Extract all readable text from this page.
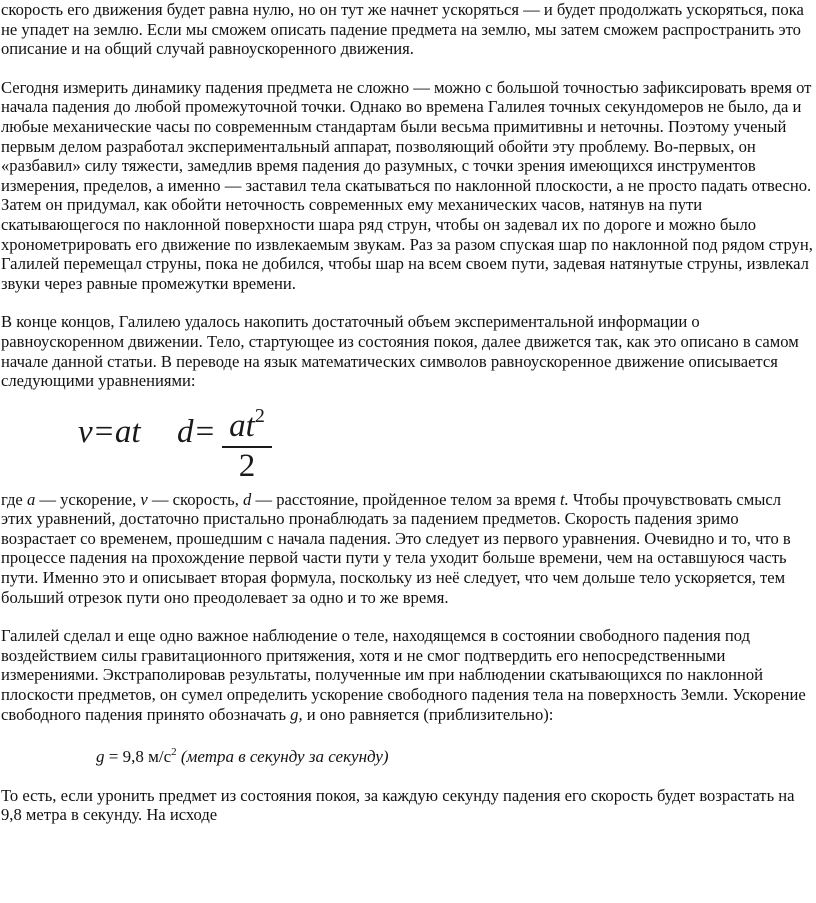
скорость его движения будет равна нулю, но он тут же начнет ускоряться — и будет продолжать ускоряться, пока не упадет на землю. Если мы сможем описать падение предмета на землю, мы затем сможем распространить это описание и на общий случай равноускоренного движения.

Сегодня измерить динамику падения предмета не сложно — можно с большой точностью зафиксировать время от начала падения до любой промежуточной точки. Однако во времена Галилея точных секундомеров не было, да и любые механические часы по современным стандартам были весьма примитивны и неточны. Поэтому ученый первым делом разработал экспериментальный аппарат, позволяющий обойти эту проблему. Во-первых, он «разбавил» силу тяжести, замедлив время падения до разумных, с точки зрения имеющихся инструментов измерения, пределов, а именно — заставил тела скатываться по наклонной плоскости, а не просто падать отвесно. Затем он придумал, как обойти неточность современных ему механических часов, натянув на пути скатывающегося по наклонной поверхности шара ряд струн, чтобы он задевал их по дороге и можно было хронометрировать его движение по извлекаемым звукам. Раз за разом спуская шар по наклонной под рядом струн, Галилей перемещал струны, пока не добился, чтобы шар на всем своем пути, задевая натянутые струны, извлекал звуки через равные промежутки времени.

В конце концов, Галилею удалось накопить достаточный объем экспериментальной информации о равноускоренном движении. Тело, стартующее из состояния покоя, далее движется так, как это описано в самом начале данной статьи. В переводе на язык математических символов равноускоренное движение описывается следующими уравнениями:

v=at $d= at^2$
2

где a — ускорение, v — скорость, d — расстояние, пройденное телом за время t. Чтобы прочувствовать смысл этих уравнений, достаточно пристально пронаблюдать за падением предметов. Скорость падения зримо возрастает со временем, прошедшим с начала падения. Это следует из первого уравнения. Очевидно и то, что в процессе падения на прохождение первой части пути у тела уходит больше времени, чем на оставшуюся часть пути. Именно это и описывает вторая формула, поскольку из неё следует, что чем дольше тело ускоряется, тем больший отрезок пути оно преодолевает за одно и то же время.

Галилей сделал и еще одно важное наблюдение о теле, находящемся в состоянии свободного падения под воздействием силы гравитационного притяжения, хотя и не смог подтвердить его непосредственными измерениями. Экстраполировав результаты, полученные им при наблюдении скатывающихся по наклонной плоскости предметов, он сумел определить ускорение свободного падения тела на поверхность Земли. Ускорение свободного падения принято обозначать g, и оно равняется (приблизительно):

g = 9,8 $м/с^2$ (метра в секунду за секунду)

То есть, если уронить предмет из состояния покоя, за каждую секунду падения его скорость будет возрастать на 9,8 метра в секунду. На исходе
